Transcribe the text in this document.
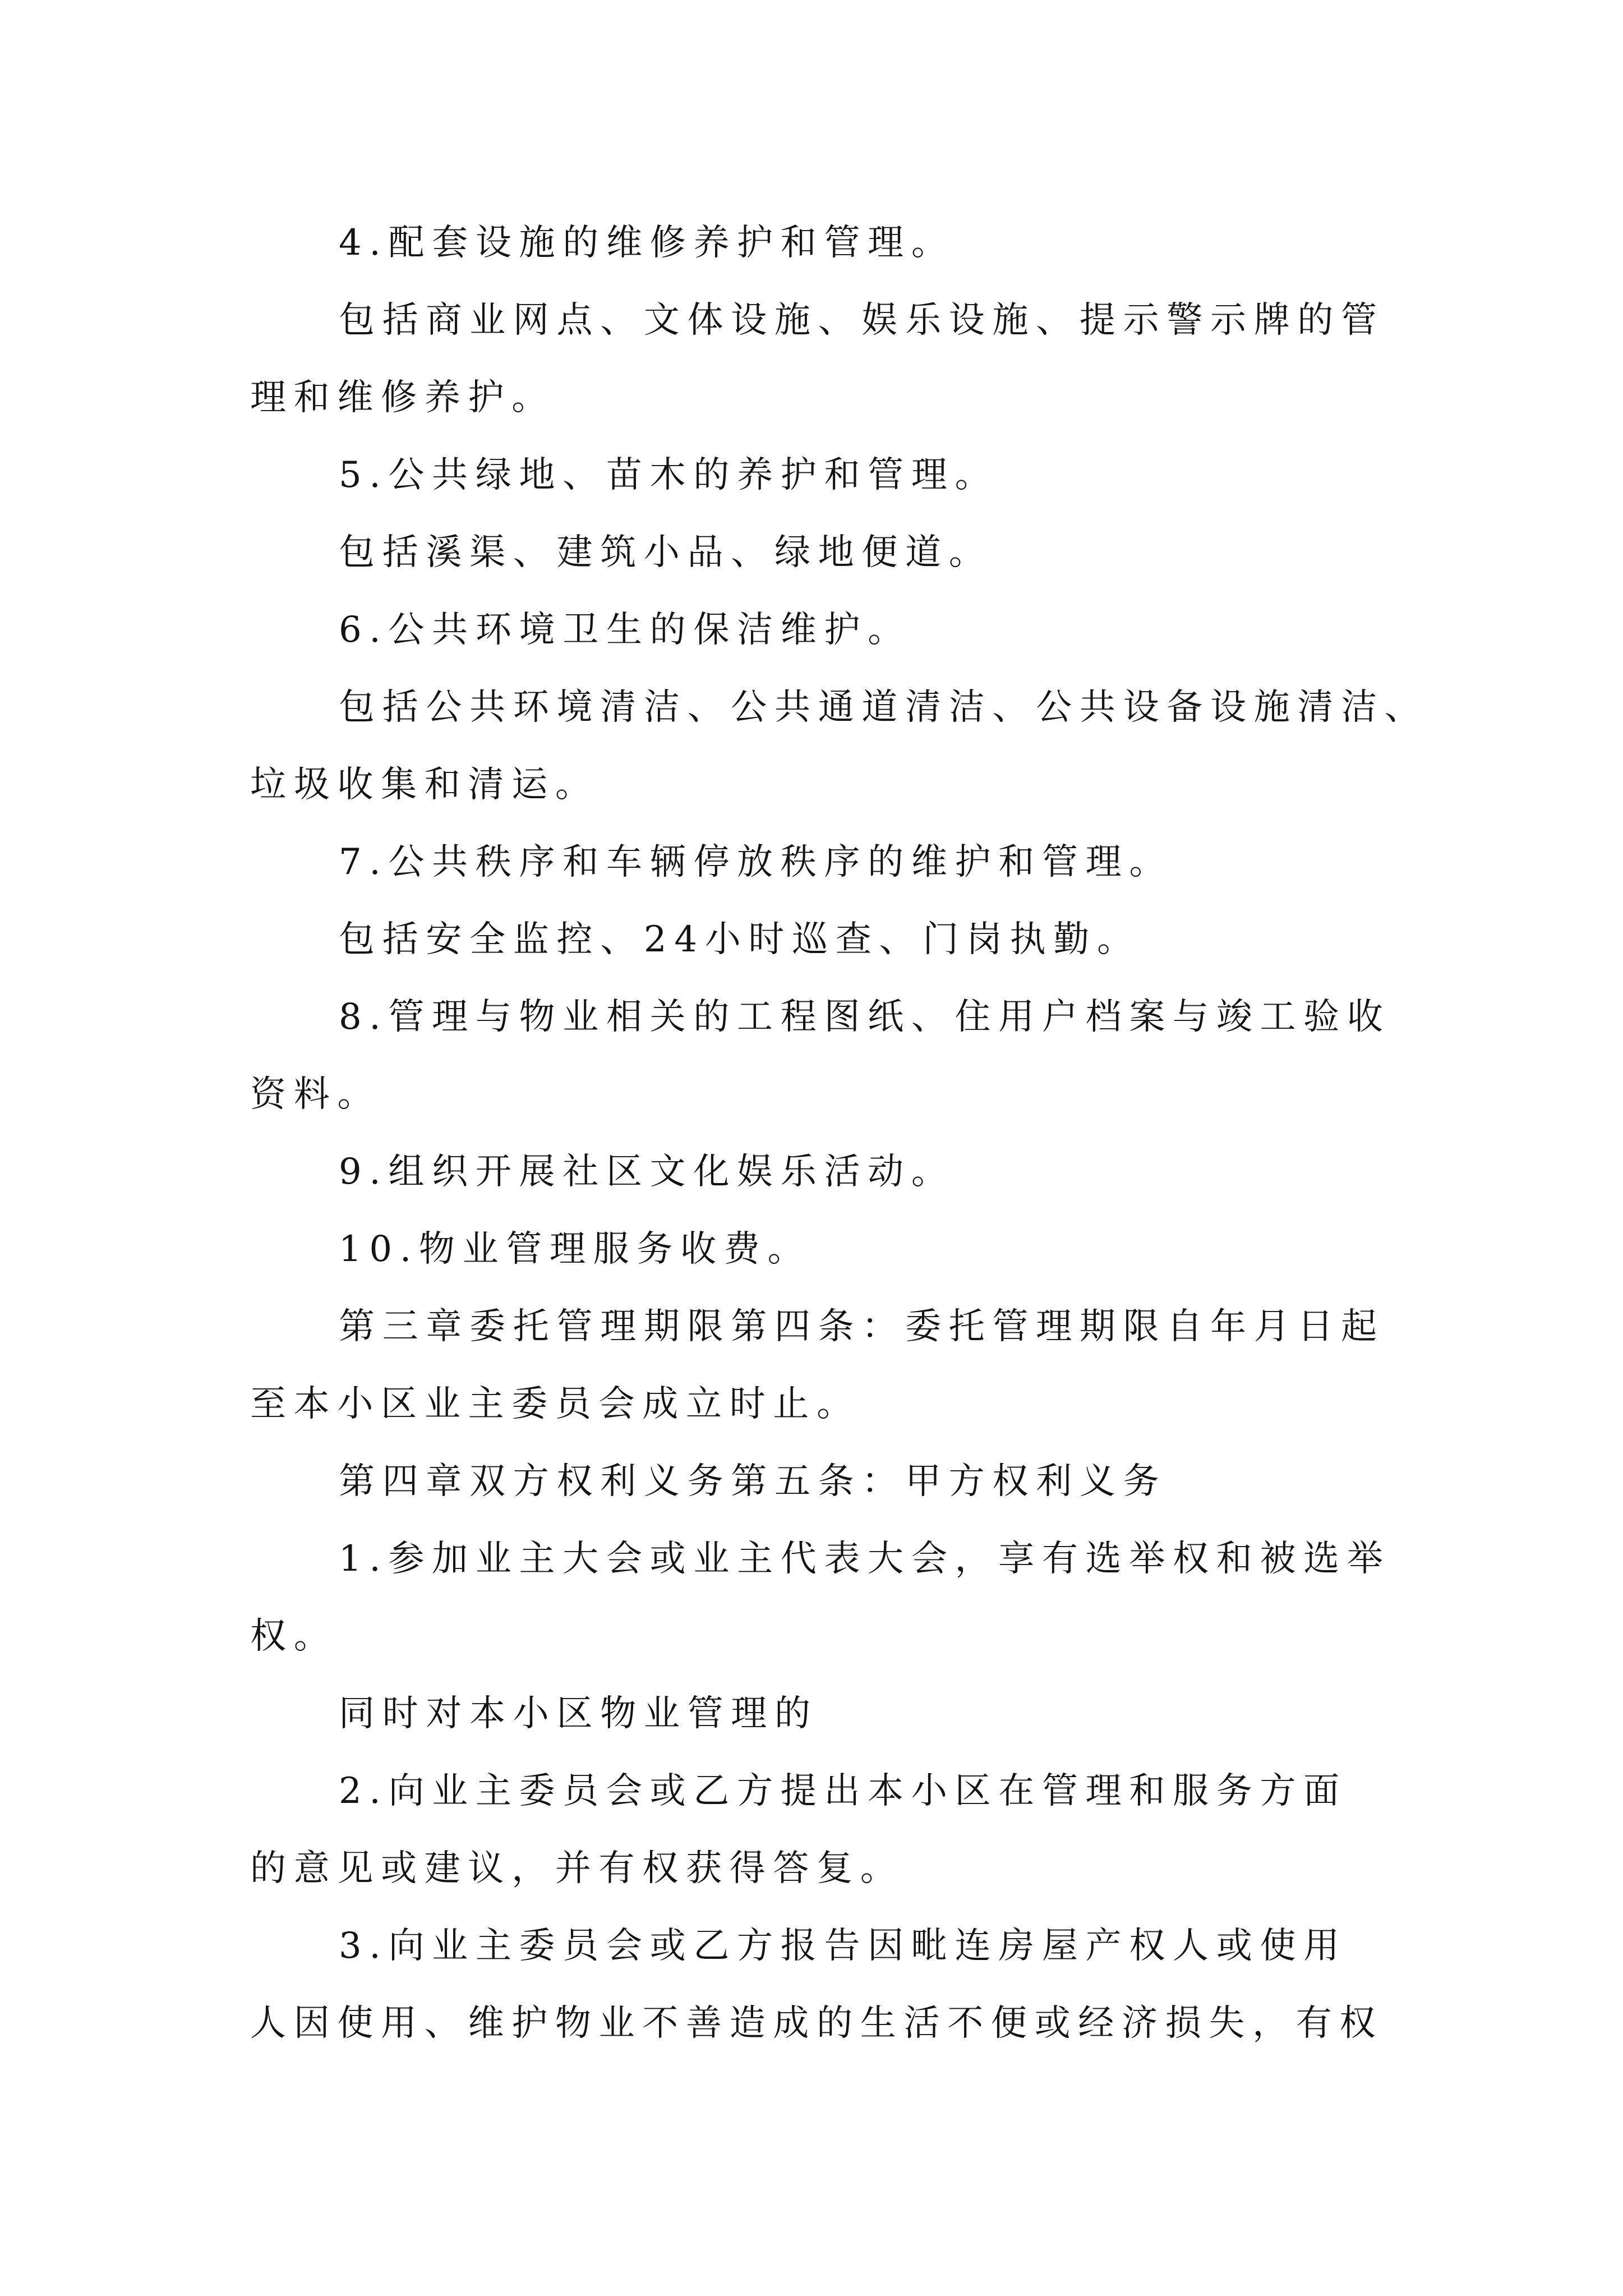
4.配套设施的维修养护和管理。
包括商业网点、文体设施、娱乐设施、提示警示牌的管
理和维修养护。
5.公共绿地、苗木的养护和管理。
包括溪渠、建筑小品、绿地便道。
6.公共环境卫生的保洁维护。
包括公共环境清洁、公共通道清洁、公共设备设施清洁、
垃圾收集和清运。
7.公共秩序和车辆停放秩序的维护和管理。
包括安全监控、24小时巡查、门岗执勤。
8.管理与物业相关的工程图纸、住用户档案与竣工验收
资料。
9.组织开展社区文化娱乐活动。
10.物业管理服务收费。
第三章委托管理期限第四条：委托管理期限自年月日起
至本小区业主委员会成立时止。
第四章双方权利义务第五条：甲方权利义务
1.参加业主大会或业主代表大会，享有选举权和被选举
权。
同时对本小区物业管理的
2.向业主委员会或乙方提出本小区在管理和服务方面
的意见或建议，并有权获得答复。
3.向业主委员会或乙方报告因毗连房屋产权人或使用
人因使用、维护物业不善造成的生活不便或经济损失，有权
